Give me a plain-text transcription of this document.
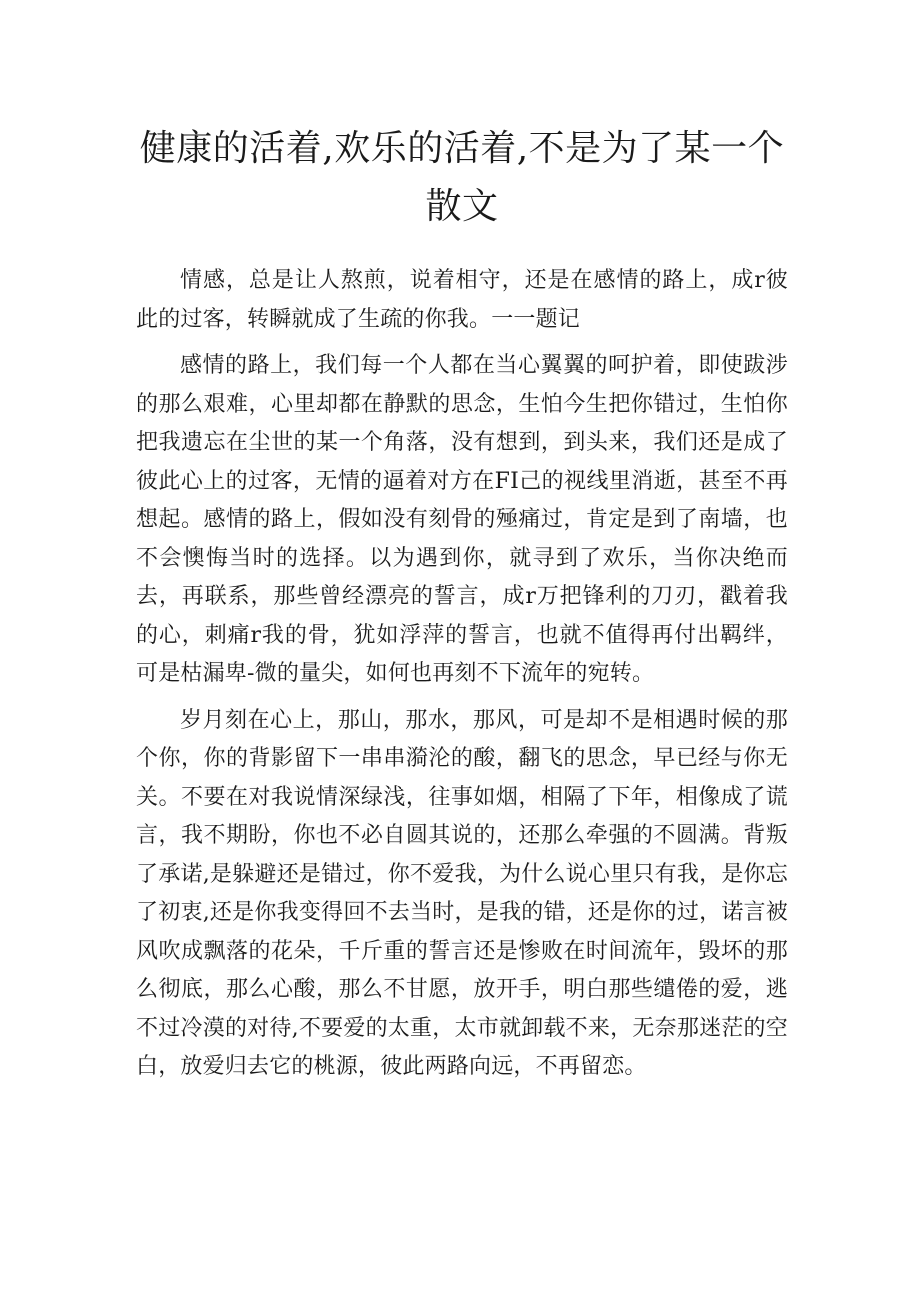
健康的活着,欢乐的活着,不是为了某一个散文

情感，总是让人熬煎，说着相守，还是在感情的路上，成r彼此的过客，转瞬就成了生疏的你我。一一题记

感情的路上，我们每一个人都在当心翼翼的呵护着，即使跋涉的那么艰难，心里却都在静默的思念，生怕今生把你错过，生怕你把我遗忘在尘世的某一个角落，没有想到，到头来，我们还是成了彼此心上的过客，无情的逼着对方在FI己的视线里消逝，甚至不再想起。感情的路上，假如没有刻骨的殛痛过，肯定是到了南墙，也不会懊悔当时的选择。以为遇到你，就寻到了欢乐，当你决绝而去，再联系，那些曾经漂亮的誓言，成r万把锋利的刀刃，戳着我的心，刺痛r我的骨，犹如浮萍的誓言，也就不值得再付出羁绊，可是枯漏卑-微的量尖，如何也再刻不下流年的宛转。

岁月刻在心上，那山，那水，那风，可是却不是相遇时候的那个你，你的背影留下一串串漪沦的酸，翻飞的思念，早已经与你无关。不要在对我说情深绿浅，往事如烟，相隔了下年，相像成了谎言，我不期盼，你也不必自圆其说的，还那么牵强的不圆满。背叛了承诺,是躲避还是错过，你不爱我，为什么说心里只有我，是你忘了初衷,还是你我变得回不去当时，是我的错，还是你的过，诺言被风吹成飘落的花朵，千斤重的誓言还是惨败在时间流年，毁坏的那么彻底，那么心酸，那么不甘愿，放开手，明白那些缱倦的爱，逃不过冷漠的对待,不要爱的太重，太市就卸载不来，无奈那迷茫的空白，放爱归去它的桃源，彼此两路向远，不再留恋。
